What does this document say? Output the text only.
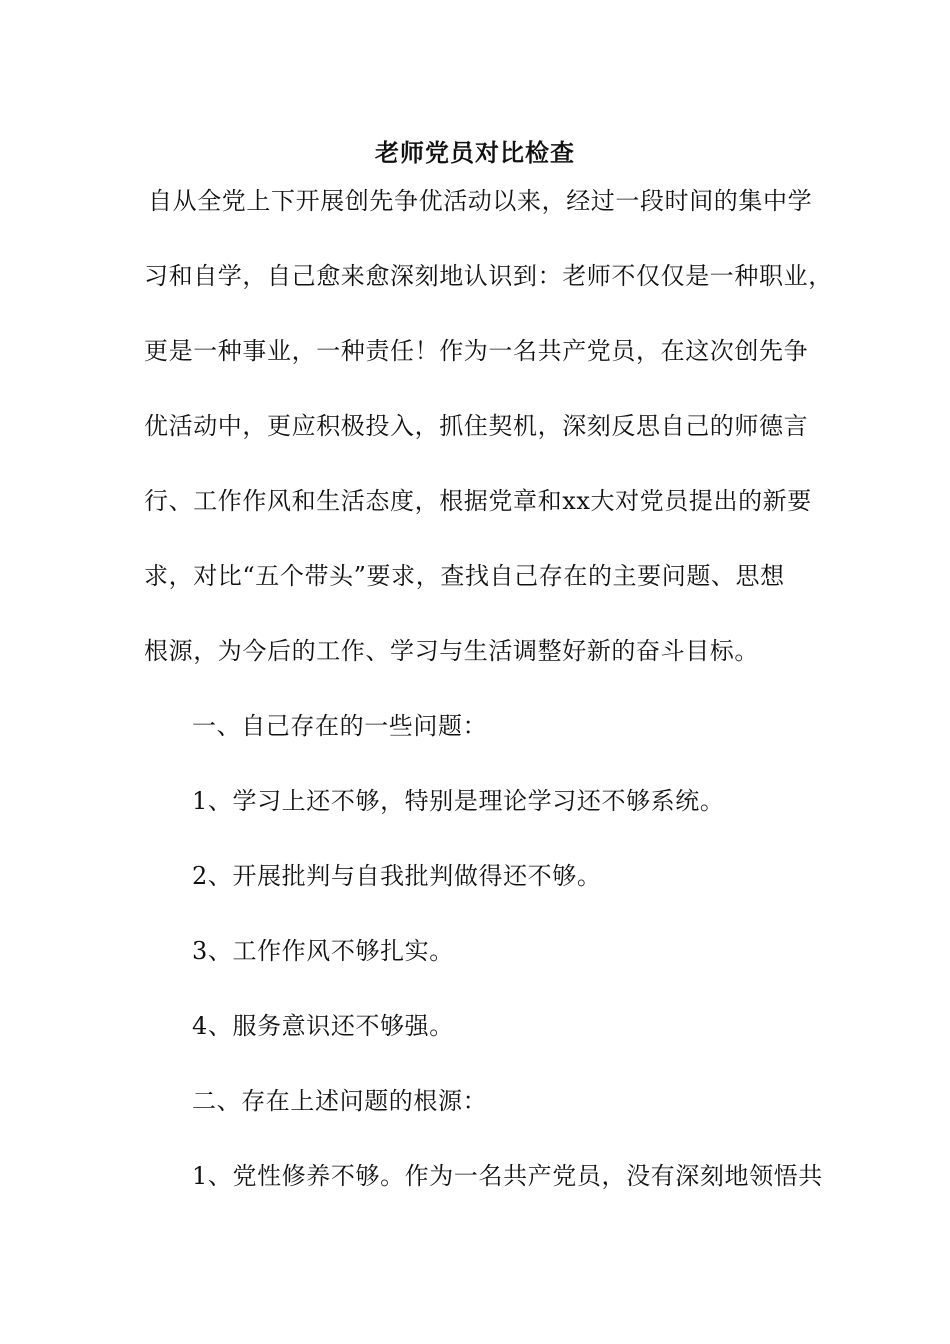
老师党员对比检查
自从全党上下开展创先争优活动以来，经过一段时间的集中学
习和自学，自己愈来愈深刻地认识到：老师不仅仅是一种职业，
更是一种事业，一种责任！作为一名共产党员，在这次创先争
优活动中，更应积极投入，抓住契机，深刻反思自己的师德言
行、工作作风和生活态度，根据党章和xx大对党员提出的新要
求，对比“五个带头”要求，查找自己存在的主要问题、思想
根源，为今后的工作、学习与生活调整好新的奋斗目标。
一、自己存在的一些问题：
1、学习上还不够，特别是理论学习还不够系统。
2、开展批判与自我批判做得还不够。
3、工作作风不够扎实。
4、服务意识还不够强。
二、存在上述问题的根源：
1、党性修养不够。作为一名共产党员，没有深刻地领悟共
